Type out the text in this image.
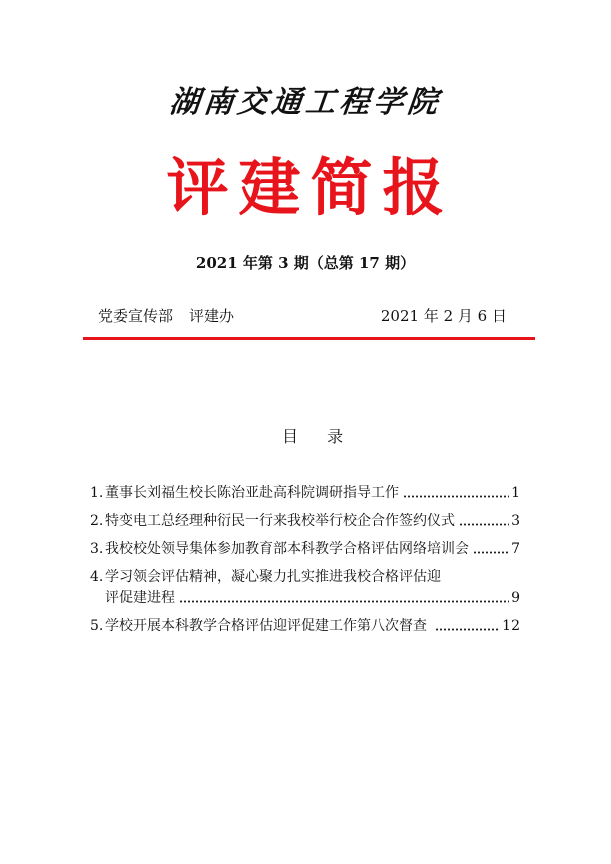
湖南交通工程学院
评建简报
2021 年第 3 期（总第 17 期）
党委宣传部 评建办	2021 年 2 月 6 日
目 录
1. 董事长刘福生校长陈治亚赴高科院调研指导工作	1
2. 特变电工总经理种衍民一行来我校举行校企合作签约仪式	3
3. 我校校处领导集体参加教育部本科教学合格评估网络培训会	7
4. 学习领会评估精神，凝心聚力扎实推进我校合格评估迎
评促建进程	9
5. 学校开展本科教学合格评估迎评促建工作第八次督查	12
